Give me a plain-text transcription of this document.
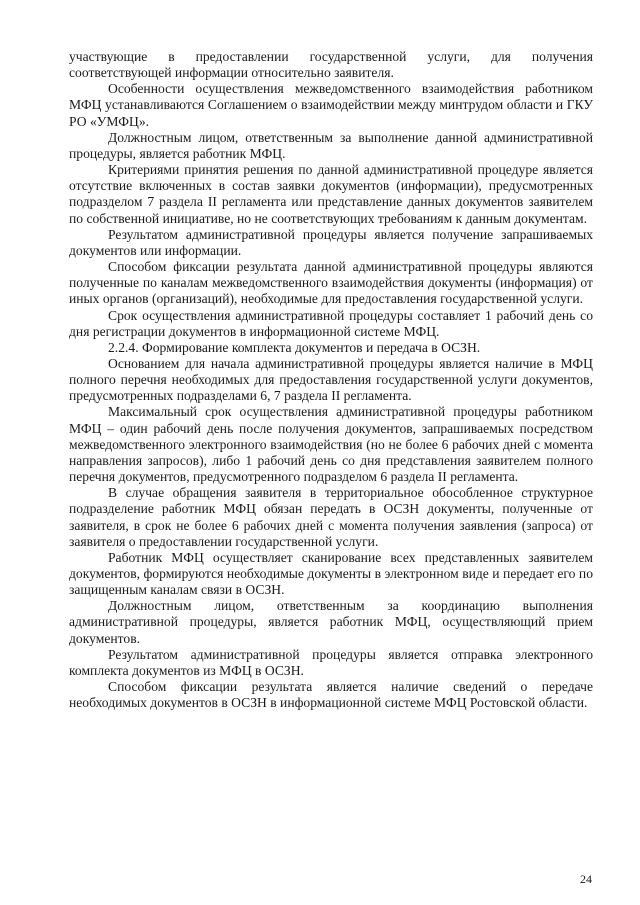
участвующие в предоставлении государственной услуги, для получения соответствующей информации относительно заявителя.

Особенности осуществления межведомственного взаимодействия работником МФЦ устанавливаются Соглашением о взаимодействии между минтрудом области и ГКУ РО «УМФЦ».

Должностным лицом, ответственным за выполнение данной административной процедуры, является работник МФЦ.

Критериями принятия решения по данной административной процедуре является отсутствие включенных в состав заявки документов (информации), предусмотренных подразделом 7 раздела II регламента или представление данных документов заявителем по собственной инициативе, но не соответствующих требованиям к данным документам.

Результатом административной процедуры является получение запрашиваемых документов или информации.

Способом фиксации результата данной административной процедуры являются полученные по каналам межведомственного взаимодействия документы (информация) от иных органов (организаций), необходимые для предоставления государственной услуги.

Срок осуществления административной процедуры составляет 1 рабочий день со дня регистрации документов в информационной системе МФЦ.

2.2.4. Формирование комплекта документов и передача в ОСЗН.

Основанием для начала административной процедуры является наличие в МФЦ полного перечня необходимых для предоставления государственной услуги документов, предусмотренных подразделами 6, 7 раздела II регламента.

Максимальный срок осуществления административной процедуры работником МФЦ – один рабочий день после получения документов, запрашиваемых посредством межведомственного электронного взаимодействия (но не более 6 рабочих дней с момента направления запросов), либо 1 рабочий день со дня представления заявителем полного перечня документов, предусмотренного подразделом 6 раздела II регламента.

В случае обращения заявителя в территориальное обособленное структурное подразделение работник МФЦ обязан передать в ОСЗН документы, полученные от заявителя, в срок не более 6 рабочих дней с момента получения заявления (запроса) от заявителя о предоставлении государственной услуги.

Работник МФЦ осуществляет сканирование всех представленных заявителем документов, формируются необходимые документы в электронном виде и передает его по защищенным каналам связи в ОСЗН.

Должностным лицом, ответственным за координацию выполнения административной процедуры, является работник МФЦ, осуществляющий прием документов.

Результатом административной процедуры является отправка электронного комплекта документов из МФЦ в ОСЗН.

Способом фиксации результата является наличие сведений о передаче необходимых документов в ОСЗН в информационной системе МФЦ Ростовской области.

24
